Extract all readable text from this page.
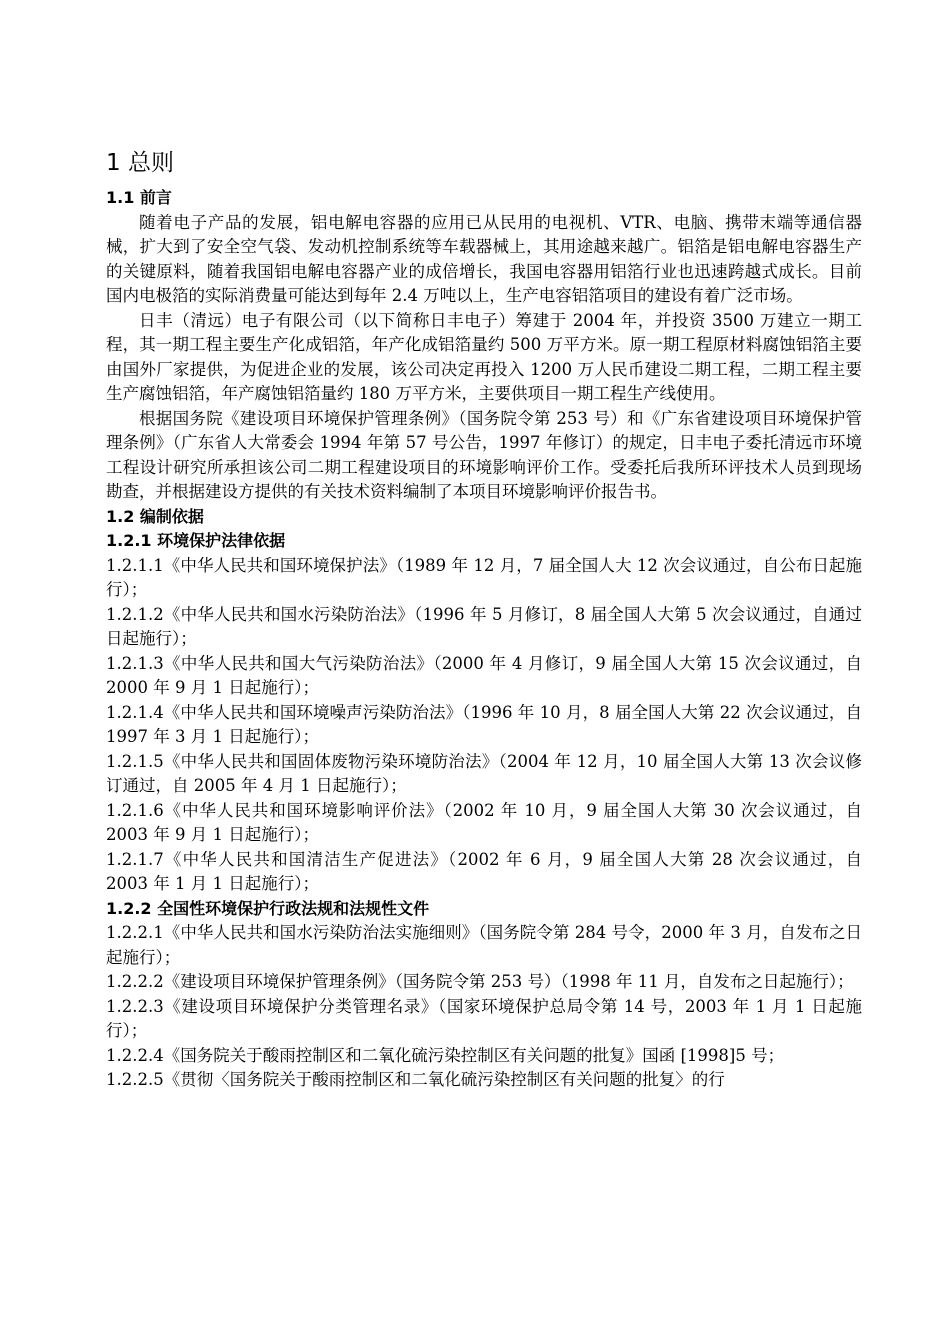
1 总则
1.1 前言

随着电子产品的发展，铝电解电容器的应用已从民用的电视机、VTR、电脑、携带末端等通信器械，扩大到了安全空气袋、发动机控制系统等车载器械上，其用途越来越广。铝箔是铝电解电容器生产的关键原料，随着我国铝电解电容器产业的成倍增长，我国电容器用铝箔行业也迅速跨越式成长。目前国内电极箔的实际消费量可能达到每年 2.4 万吨以上，生产电容铝箔项目的建设有着广泛市场。

日丰（清远）电子有限公司（以下简称日丰电子）筹建于 2004 年，并投资 3500 万建立一期工程，其一期工程主要生产化成铝箔，年产化成铝箔量约 500 万平方米。原一期工程原材料腐蚀铝箔主要由国外厂家提供，为促进企业的发展，该公司决定再投入 1200 万人民币建设二期工程，二期工程主要生产腐蚀铝箔，年产腐蚀铝箔量约 180 万平方米，主要供项目一期工程生产线使用。

根据国务院《建设项目环境保护管理条例》（国务院令第 253 号）和《广东省建设项目环境保护管理条例》（广东省人大常委会 1994 年第 57 号公告，1997 年修订）的规定，日丰电子委托清远市环境工程设计研究所承担该公司二期工程建设项目的环境影响评价工作。受委托后我所环评技术人员到现场勘查，并根据建设方提供的有关技术资料编制了本项目环境影响评价报告书。

1.2 编制依据
1.2.1 环境保护法律依据

1.2.1.1《中华人民共和国环境保护法》（1989 年 12 月，7 届全国人大 12 次会议通过，自公布日起施行）；

1.2.1.2《中华人民共和国水污染防治法》（1996 年 5 月修订，8 届全国人大第 5 次会议通过，自通过日起施行）；

1.2.1.3《中华人民共和国大气污染防治法》（2000 年 4 月修订，9 届全国人大第 15 次会议通过，自 2000 年 9 月 1 日起施行）；

1.2.1.4《中华人民共和国环境噪声污染防治法》（1996 年 10 月，8 届全国人大第 22 次会议通过，自 1997 年 3 月 1 日起施行）；

1.2.1.5《中华人民共和国固体废物污染环境防治法》（2004 年 12 月，10 届全国人大第 13 次会议修订通过，自 2005 年 4 月 1 日起施行）；

1.2.1.6《中华人民共和国环境影响评价法》（2002 年 10 月，9 届全国人大第 30 次会议通过，自 2003 年 9 月 1 日起施行）；

1.2.1.7《中华人民共和国清洁生产促进法》（2002 年 6 月，9 届全国人大第 28 次会议通过，自 2003 年 1 月 1 日起施行）；

1.2.2 全国性环境保护行政法规和法规性文件

1.2.2.1《中华人民共和国水污染防治法实施细则》（国务院令第 284 号令，2000 年 3 月，自发布之日起施行）；

1.2.2.2《建设项目环境保护管理条例》（国务院令第 253 号）（1998 年 11 月，自发布之日起施行）；

1.2.2.3《建设项目环境保护分类管理名录》（国家环境保护总局令第 14 号，2003 年 1 月 1 日起施行）；

1.2.2.4《国务院关于酸雨控制区和二氧化硫污染控制区有关问题的批复》国函 [1998]5 号；

1.2.2.5《贯彻〈国务院关于酸雨控制区和二氧化硫污染控制区有关问题的批复〉的行
